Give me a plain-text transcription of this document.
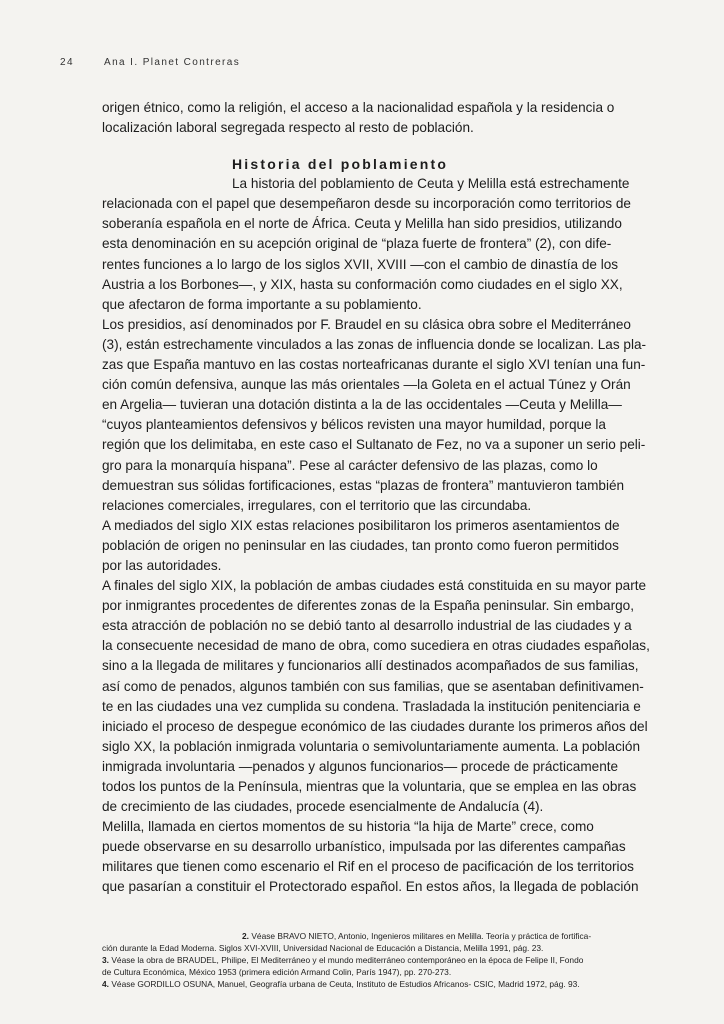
24	Ana I. Planet Contreras
origen étnico, como la religión, el acceso a la nacionalidad española y la residencia o
localización laboral segregada respecto al resto de población.
Historia del poblamiento
La historia del poblamiento de Ceuta y Melilla está estrechamente
relacionada con el papel que desempeñaron desde su incorporación como territorios de
soberanía española en el norte de África. Ceuta y Melilla han sido presidios, utilizando
esta denominación en su acepción original de “plaza fuerte de frontera” (2), con dife-
rentes funciones a lo largo de los siglos XVII, XVIII —con el cambio de dinastía de los
Austria a los Borbones—, y XIX, hasta su conformación como ciudades en el siglo XX,
que afectaron de forma importante a su poblamiento.
Los presidios, así denominados por F. Braudel en su clásica obra sobre el Mediterráneo
(3), están estrechamente vinculados a las zonas de influencia donde se localizan. Las pla-
zas que España mantuvo en las costas norteafricanas durante el siglo XVI tenían una fun-
ción común defensiva, aunque las más orientales —la Goleta en el actual Túnez y Orán
en Argelia— tuvieran una dotación distinta a la de las occidentales —Ceuta y Melilla—
“cuyos planteamientos defensivos y bélicos revisten una mayor humildad, porque la
región que los delimitaba, en este caso el Sultanato de Fez, no va a suponer un serio peli-
gro para la monarquía hispana”. Pese al carácter defensivo de las plazas, como lo
demuestran sus sólidas fortificaciones, estas “plazas de frontera” mantuvieron también
relaciones comerciales, irregulares, con el territorio que las circundaba.
A mediados del siglo XIX estas relaciones posibilitaron los primeros asentamientos de
población de origen no peninsular en las ciudades, tan pronto como fueron permitidos
por las autoridades.
A finales del siglo XIX, la población de ambas ciudades está constituida en su mayor parte
por inmigrantes procedentes de diferentes zonas de la España peninsular. Sin embargo,
esta atracción de población no se debió tanto al desarrollo industrial de las ciudades y a
la consecuente necesidad de mano de obra, como sucediera en otras ciudades españolas,
sino a la llegada de militares y funcionarios allí destinados acompañados de sus familias,
así como de penados, algunos también con sus familias, que se asentaban definitivamen-
te en las ciudades una vez cumplida su condena. Trasladada la institución penitenciaria e
iniciado el proceso de despegue económico de las ciudades durante los primeros años del
siglo XX, la población inmigrada voluntaria o semivoluntariamente aumenta. La población
inmigrada involuntaria —penados y algunos funcionarios— procede de prácticamente
todos los puntos de la Península, mientras que la voluntaria, que se emplea en las obras
de crecimiento de las ciudades, procede esencialmente de Andalucía (4).
Melilla, llamada en ciertos momentos de su historia “la hija de Marte” crece, como
puede observarse en su desarrollo urbanístico, impulsada por las diferentes campañas
militares que tienen como escenario el Rif en el proceso de pacificación de los territorios
que pasarían a constituir el Protectorado español. En estos años, la llegada de población
2. Véase BRAVO NIETO, Antonio, Ingenieros militares en Melilla. Teoría y práctica de fortifica-
ción durante la Edad Moderna. Siglos XVI-XVIII, Universidad Nacional de Educación a Distancia, Melilla 1991, pág. 23.
3. Véase la obra de BRAUDEL, Philipe, El Mediterráneo y el mundo mediterráneo contemporáneo en la época de Felipe II, Fondo
de Cultura Económica, México 1953 (primera edición Armand Colin, París 1947), pp. 270-273.
4. Véase GORDILLO OSUNA, Manuel, Geografía urbana de Ceuta, Instituto de Estudios Africanos- CSIC, Madrid 1972, pág. 93.
